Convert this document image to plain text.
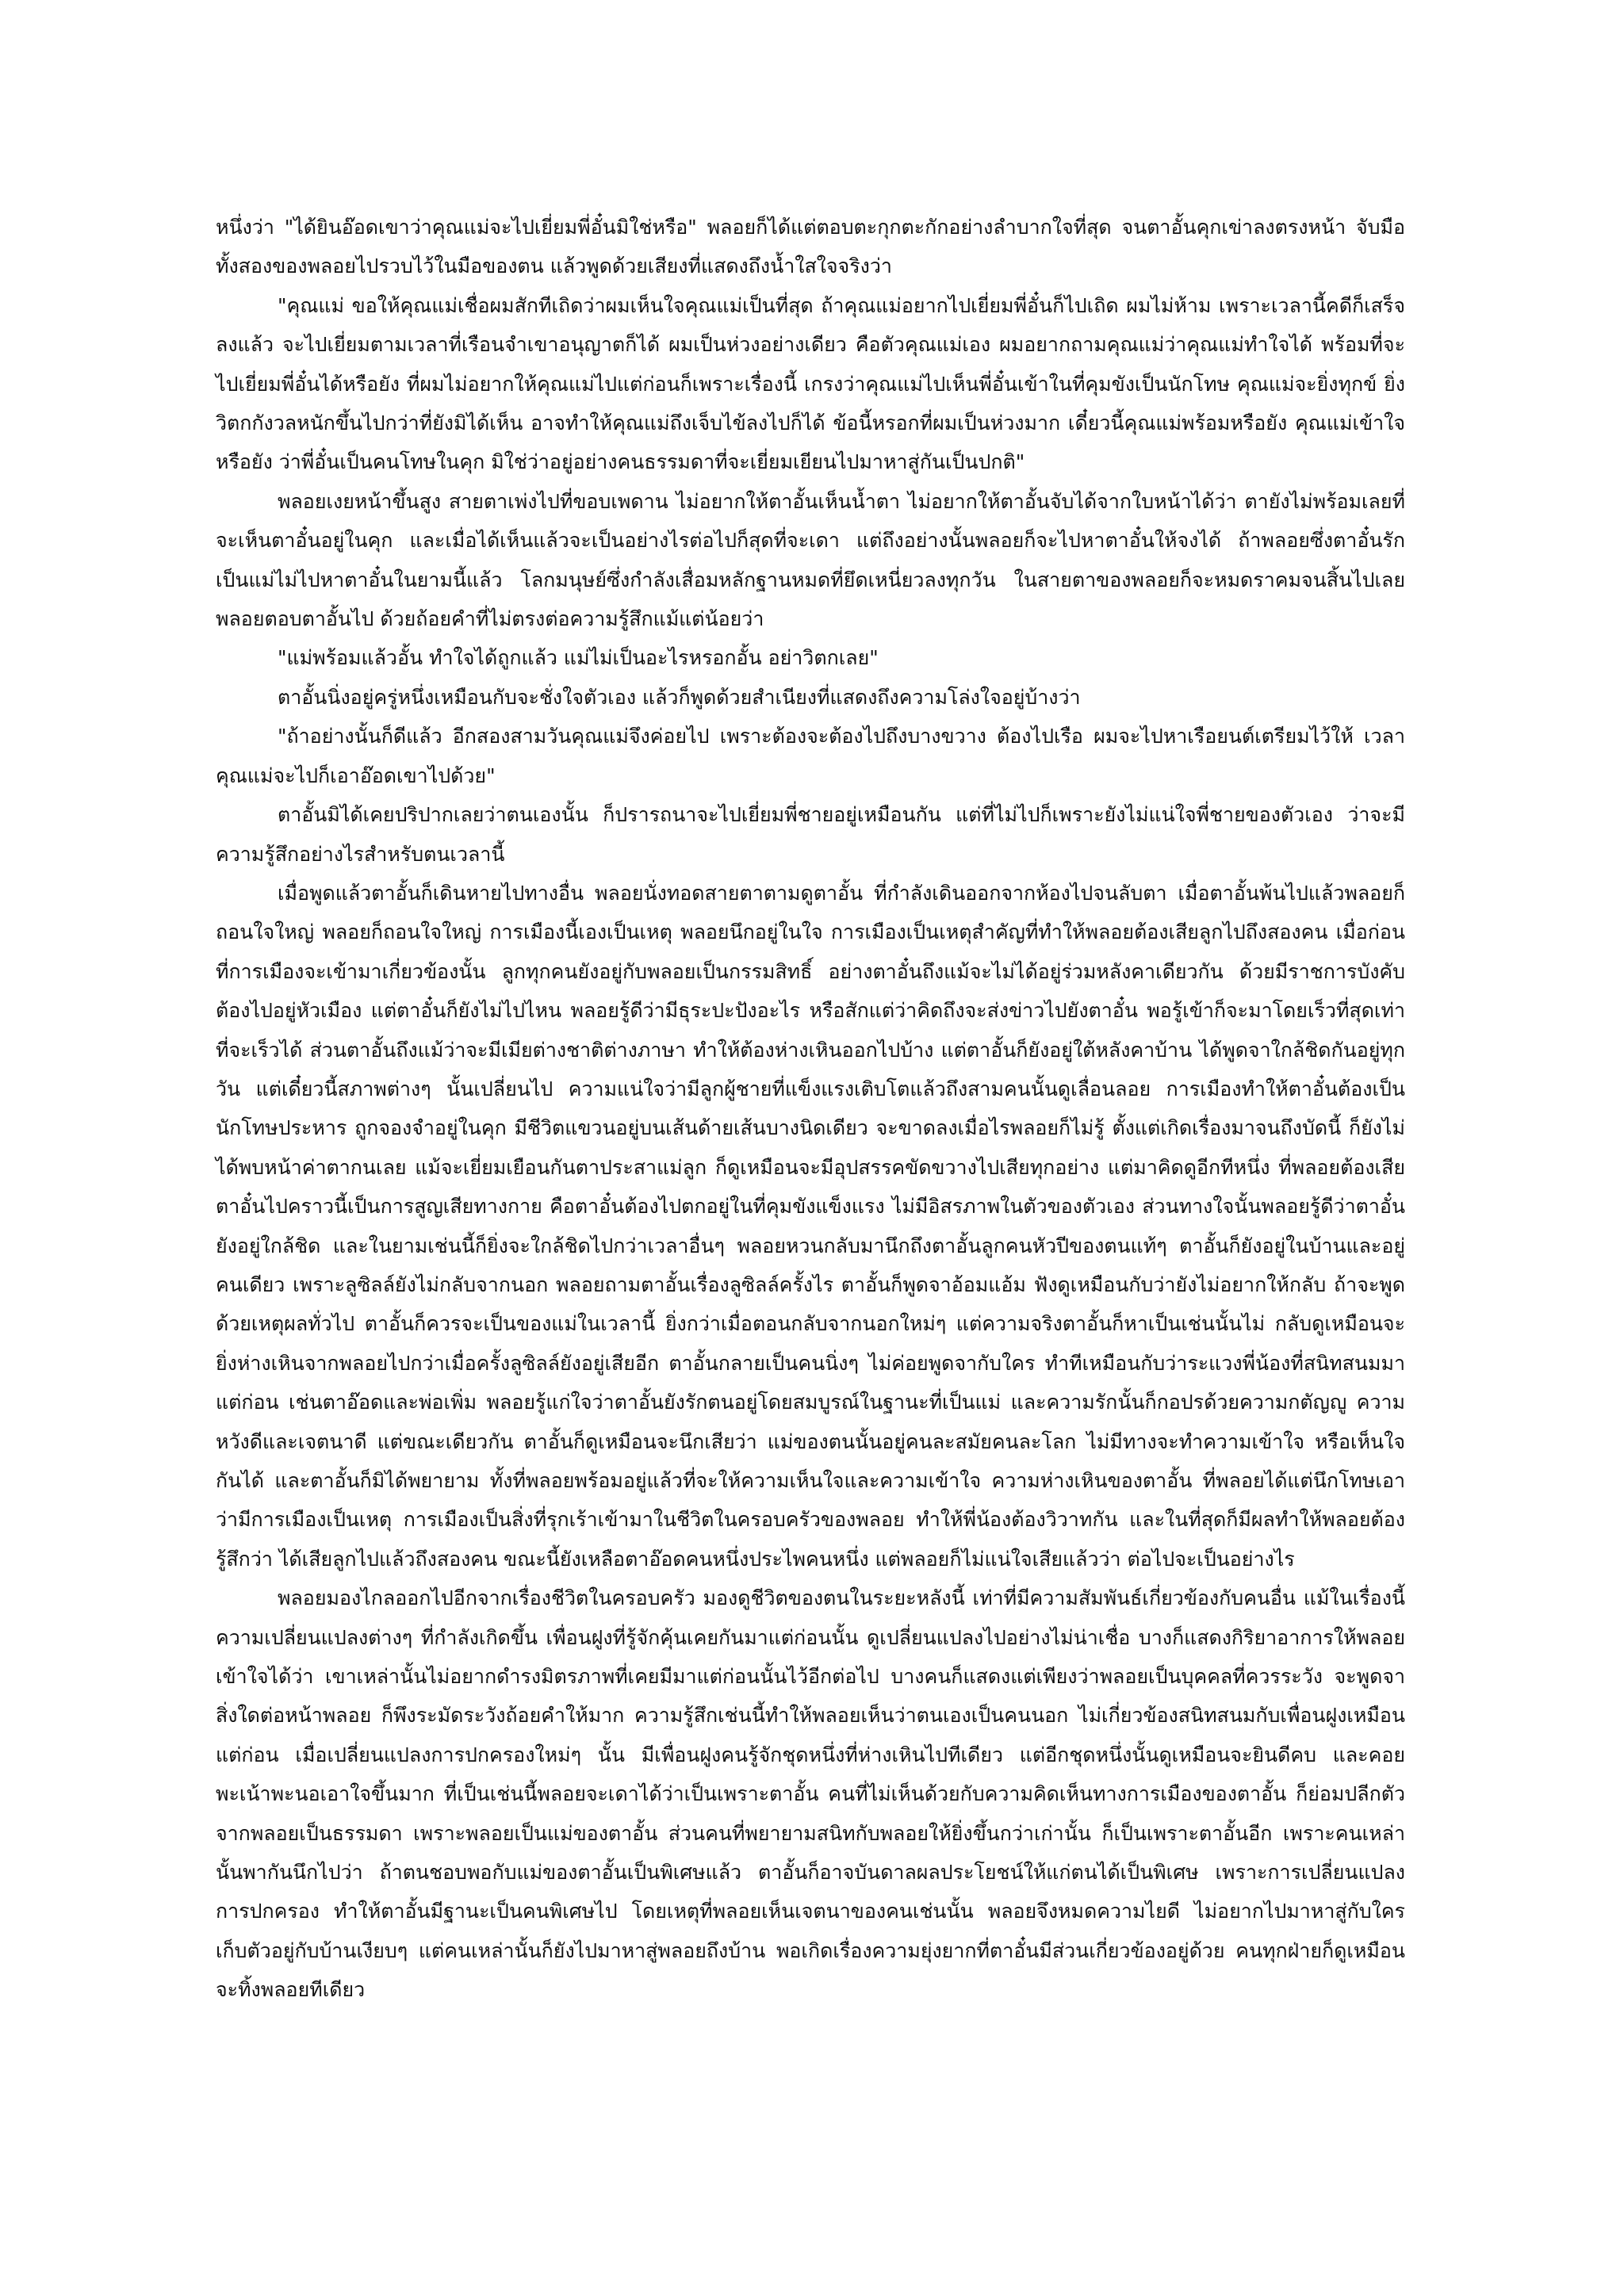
หนึ่งว่า "ได้ยินอ๊อดเขาว่าคุณแม่จะไปเยี่ยมพี่อั๋นมิใช่หรือ" พลอยก็ได้แต่ตอบตะกุกตะกักอย่างลำบากใจที่สุด จนตาอั้นคุกเข่าลงตรงหน้า จับมือทั้งสองของพลอยไปรวบไว้ในมือของตน แล้วพูดด้วยเสียงที่แสดงถึงน้ำใสใจจริงว่า

"คุณแม่ ขอให้คุณแม่เชื่อผมสักทีเถิดว่าผมเห็นใจคุณแม่เป็นที่สุด ถ้าคุณแม่อยากไปเยี่ยมพี่อั๋นก็ไปเถิด ผมไม่ห้าม เพราะเวลานี้คดีก็เสร็จลงแล้ว จะไปเยี่ยมตามเวลาที่เรือนจำเขาอนุญาตก็ได้ ผมเป็นห่วงอย่างเดียว คือตัวคุณแม่เอง ผมอยากถามคุณแม่ว่าคุณแม่ทำใจได้ พร้อมที่จะไปเยี่ยมพี่อั๋นได้หรือยัง ที่ผมไม่อยากให้คุณแม่ไปแต่ก่อนก็เพราะเรื่องนี้ เกรงว่าคุณแม่ไปเห็นพี่อั๋นเข้าในที่คุมขังเป็นนักโทษ คุณแม่จะยิ่งทุกข์ ยิ่งวิตกกังวลหนักขึ้นไปกว่าที่ยังมิได้เห็น อาจทำให้คุณแม่ถึงเจ็บไข้ลงไปก็ได้ ข้อนี้หรอกที่ผมเป็นห่วงมาก เดี๋ยวนี้คุณแม่พร้อมหรือยัง คุณแม่เข้าใจหรือยัง ว่าพี่อั๋นเป็นคนโทษในคุก มิใช่ว่าอยู่อย่างคนธรรมดาที่จะเยี่ยมเยียนไปมาหาสู่กันเป็นปกติ"

พลอยเงยหน้าขึ้นสูง สายตาเพ่งไปที่ขอบเพดาน ไม่อยากให้ตาอั้นเห็นน้ำตา ไม่อยากให้ตาอั้นจับได้จากใบหน้าได้ว่า ตายังไม่พร้อมเลยที่จะเห็นตาอั๋นอยู่ในคุก และเมื่อได้เห็นแล้วจะเป็นอย่างไรต่อไปก็สุดที่จะเดา แต่ถึงอย่างนั้นพลอยก็จะไปหาตาอั๋นให้จงได้ ถ้าพลอยซึ่งตาอั๋นรักเป็นแม่ไม่ไปหาตาอั๋นในยามนี้แล้ว โลกมนุษย์ซึ่งกำลังเสื่อมหลักฐานหมดที่ยึดเหนี่ยวลงทุกวัน ในสายตาของพลอยก็จะหมดราคมจนสิ้นไปเลย พลอยตอบตาอั้นไป ด้วยถ้อยคำที่ไม่ตรงต่อความรู้สึกแม้แต่น้อยว่า

"แม่พร้อมแล้วอั้น ทำใจได้ถูกแล้ว แม่ไม่เป็นอะไรหรอกอั้น อย่าวิตกเลย"

ตาอั้นนิ่งอยู่ครู่หนึ่งเหมือนกับจะชั่งใจตัวเอง แล้วก็พูดด้วยสำเนียงที่แสดงถึงความโล่งใจอยู่บ้างว่า

"ถ้าอย่างนั้นก็ดีแล้ว อีกสองสามวันคุณแม่จึงค่อยไป เพราะต้องจะต้องไปถึงบางขวาง ต้องไปเรือ ผมจะไปหาเรือยนต์เตรียมไว้ให้ เวลาคุณแม่จะไปก็เอาอ๊อดเขาไปด้วย"

ตาอั้นมิได้เคยปริปากเลยว่าตนเองนั้น ก็ปรารถนาจะไปเยี่ยมพี่ชายอยู่เหมือนกัน แต่ที่ไม่ไปก็เพราะยังไม่แน่ใจพี่ชายของตัวเอง ว่าจะมีความรู้สึกอย่างไรสำหรับตนเวลานี้

เมื่อพูดแล้วตาอั้นก็เดินหายไปทางอื่น พลอยนั่งทอดสายตาตามดูตาอั้น ที่กำลังเดินออกจากห้องไปจนลับตา เมื่อตาอั้นพ้นไปแล้วพลอยก็ถอนใจใหญ่ พลอยก็ถอนใจใหญ่ การเมืองนี้เองเป็นเหตุ พลอยนึกอยู่ในใจ การเมืองเป็นเหตุสำคัญที่ทำให้พลอยต้องเสียลูกไปถึงสองคน เมื่อก่อนที่การเมืองจะเข้ามาเกี่ยวข้องนั้น ลูกทุกคนยังอยู่กับพลอยเป็นกรรมสิทธิ์ อย่างตาอั๋นถึงแม้จะไม่ได้อยู่ร่วมหลังคาเดียวกัน ด้วยมีราชการบังคับต้องไปอยู่หัวเมือง แต่ตาอั๋นก็ยังไม่ไปไหน พลอยรู้ดีว่ามีธุระปะปังอะไร หรือสักแต่ว่าคิดถึงจะส่งข่าวไปยังตาอั๋น พอรู้เข้าก็จะมาโดยเร็วที่สุดเท่าที่จะเร็วได้ ส่วนตาอั้นถึงแม้ว่าจะมีเมียต่างชาติต่างภาษา ทำให้ต้องห่างเหินออกไปบ้าง แต่ตาอั้นก็ยังอยู่ใต้หลังคาบ้าน ได้พูดจาใกล้ชิดกันอยู่ทุกวัน แต่เดี๋ยวนี้สภาพต่างๆ นั้นเปลี่ยนไป ความแน่ใจว่ามีลูกผู้ชายที่แข็งแรงเติบโตแล้วถึงสามคนนั้นดูเลื่อนลอย การเมืองทำให้ตาอั๋นต้องเป็นนักโทษประหาร ถูกจองจำอยู่ในคุก มีชีวิตแขวนอยู่บนเส้นด้ายเส้นบางนิดเดียว จะขาดลงเมื่อไรพลอยก็ไม่รู้ ตั้งแต่เกิดเรื่องมาจนถึงบัดนี้ ก็ยังไม่ได้พบหน้าค่าตากนเลย แม้จะเยี่ยมเยือนกันตาประสาแม่ลูก ก็ดูเหมือนจะมีอุปสรรคขัดขวางไปเสียทุกอย่าง แต่มาคิดดูอีกทีหนึ่ง ที่พลอยต้องเสียตาอั๋นไปคราวนี้เป็นการสูญเสียทางกาย คือตาอั๋นต้องไปตกอยู่ในที่คุมขังแข็งแรง ไม่มีอิสรภาพในตัวของตัวเอง ส่วนทางใจนั้นพลอยรู้ดีว่าตาอั๋นยังอยู่ใกล้ชิด และในยามเช่นนี้ก็ยิ่งจะใกล้ชิดไปกว่าเวลาอื่นๆ พลอยหวนกลับมานึกถึงตาอั้นลูกคนหัวปีของตนแท้ๆ ตาอั้นก็ยังอยู่ในบ้านและอยู่คนเดียว เพราะลูซิลล์ยังไม่กลับจากนอก พลอยถามตาอั้นเรื่องลูซิลล์ครั้งไร ตาอั้นก็พูดจาอ้อมแอ้ม ฟังดูเหมือนกับว่ายังไม่อยากให้กลับ ถ้าจะพูดด้วยเหตุผลทั่วไป ตาอั้นก็ควรจะเป็นของแม่ในเวลานี้ ยิ่งกว่าเมื่อตอนกลับจากนอกใหม่ๆ แต่ความจริงตาอั้นก็หาเป็นเช่นนั้นไม่ กลับดูเหมือนจะยิ่งห่างเหินจากพลอยไปกว่าเมื่อครั้งลูซิลล์ยังอยู่เสียอีก ตาอั้นกลายเป็นคนนิ่งๆ ไม่ค่อยพูดจากับใคร ทำทีเหมือนกับว่าระแวงพี่น้องที่สนิทสนมมาแต่ก่อน เช่นตาอ๊อดและพ่อเพิ่ม พลอยรู้แก่ใจว่าตาอั้นยังรักตนอยู่โดยสมบูรณ์ในฐานะที่เป็นแม่ และความรักนั้นก็กอปรด้วยความกตัญญู ความหวังดีและเจตนาดี แต่ขณะเดียวกัน ตาอั้นก็ดูเหมือนจะนึกเสียว่า แม่ของตนนั้นอยู่คนละสมัยคนละโลก ไม่มีทางจะทำความเข้าใจ หรือเห็นใจกันได้ และตาอั้นก็มิได้พยายาม ทั้งที่พลอยพร้อมอยู่แล้วที่จะให้ความเห็นใจและความเข้าใจ ความห่างเหินของตาอั้น ที่พลอยได้แต่นึกโทษเอาว่ามีการเมืองเป็นเหตุ การเมืองเป็นสิ่งที่รุกเร้าเข้ามาในชีวิตในครอบครัวของพลอย ทำให้พี่น้องต้องวิวาทกัน และในที่สุดก็มีผลทำให้พลอยต้องรู้สึกว่า ได้เสียลูกไปแล้วถึงสองคน ขณะนี้ยังเหลือตาอ๊อดคนหนึ่งประไพคนหนึ่ง แต่พลอยก็ไม่แน่ใจเสียแล้วว่า ต่อไปจะเป็นอย่างไร

พลอยมองไกลออกไปอีกจากเรื่องชีวิตในครอบครัว มองดูชีวิตของตนในระยะหลังนี้ เท่าที่มีความสัมพันธ์เกี่ยวข้องกับคนอื่น แม้ในเรื่องนี้ความเปลี่ยนแปลงต่างๆ ที่กำลังเกิดขึ้น เพื่อนฝูงที่รู้จักคุ้นเคยกันมาแต่ก่อนนั้น ดูเปลี่ยนแปลงไปอย่างไม่น่าเชื่อ บางก็แสดงกิริยาอาการให้พลอยเข้าใจได้ว่า เขาเหล่านั้นไม่อยากดำรงมิตรภาพที่เคยมีมาแต่ก่อนนั้นไว้อีกต่อไป บางคนก็แสดงแต่เพียงว่าพลอยเป็นบุคคลที่ควรระวัง จะพูดจาสิ่งใดต่อหน้าพลอย ก็พึงระมัดระวังถ้อยคำให้มาก ความรู้สึกเช่นนี้ทำให้พลอยเห็นว่าตนเองเป็นคนนอก ไม่เกี่ยวข้องสนิทสนมกับเพื่อนฝูงเหมือนแต่ก่อน เมื่อเปลี่ยนแปลงการปกครองใหม่ๆ นั้น มีเพื่อนฝูงคนรู้จักชุดหนึ่งที่ห่างเหินไปทีเดียว แต่อีกชุดหนึ่งนั้นดูเหมือนจะยินดีคบ และคอยพะเน้าพะนอเอาใจขึ้นมาก ที่เป็นเช่นนี้พลอยจะเดาได้ว่าเป็นเพราะตาอั้น คนที่ไม่เห็นด้วยกับความคิดเห็นทางการเมืองของตาอั้น ก็ย่อมปลีกตัวจากพลอยเป็นธรรมดา เพราะพลอยเป็นแม่ของตาอั้น ส่วนคนที่พยายามสนิทกับพลอยให้ยิ่งขึ้นกว่าเก่านั้น ก็เป็นเพราะตาอั้นอีก เพราะคนเหล่านั้นพากันนึกไปว่า ถ้าตนชอบพอกับแม่ของตาอั้นเป็นพิเศษแล้ว ตาอั้นก็อาจบันดาลผลประโยชน์ให้แก่ตนได้เป็นพิเศษ เพราะการเปลี่ยนแปลงการปกครอง ทำให้ตาอั้นมีฐานะเป็นคนพิเศษไป โดยเหตุที่พลอยเห็นเจตนาของคนเช่นนั้น พลอยจึงหมดความไยดี ไม่อยากไปมาหาสู่กับใคร เก็บตัวอยู่กับบ้านเงียบๆ แต่คนเหล่านั้นก็ยังไปมาหาสู่พลอยถึงบ้าน พอเกิดเรื่องความยุ่งยากที่ตาอั๋นมีส่วนเกี่ยวข้องอยู่ด้วย คนทุกฝ่ายก็ดูเหมือนจะทิ้งพลอยทีเดียว
